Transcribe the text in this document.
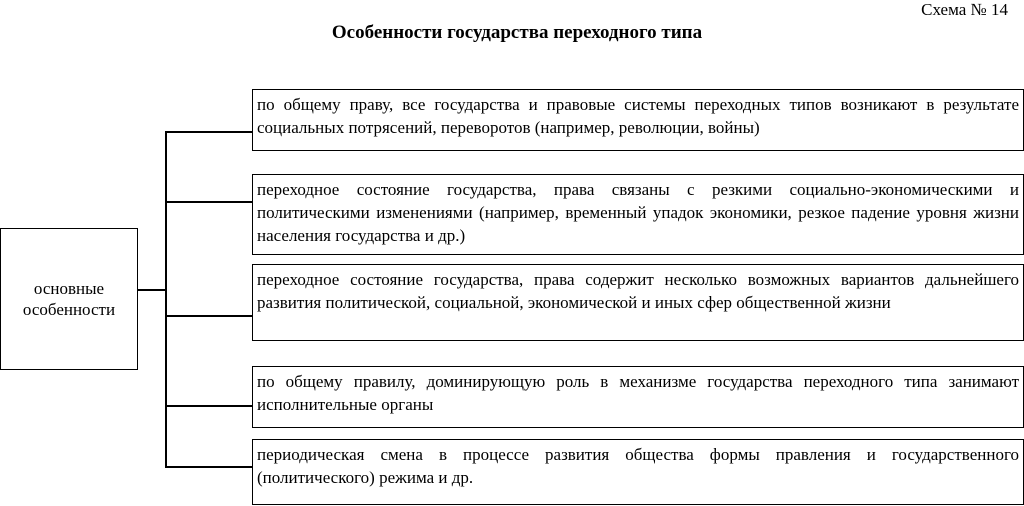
Схема № 14
Особенности государства переходного типа
основные
особенности
по общему праву, все государства и правовые системы переходных типов возникают в результате социальных потрясений, переворотов (например, революции, войны)
переходное состояние государства, права связаны с резкими социально-экономическими и политическими изменениями (например, временный упадок экономики, резкое падение уровня жизни населения государства и др.)
переходное состояние государства, права содержит несколько возможных вариантов дальнейшего развития политической, социальной, экономической и иных сфер общественной жизни
по общему правилу, доминирующую роль в механизме государства переходного типа занимают исполнительные органы
периодическая смена в процессе развития общества формы правления и государственного (политического) режима и др.
